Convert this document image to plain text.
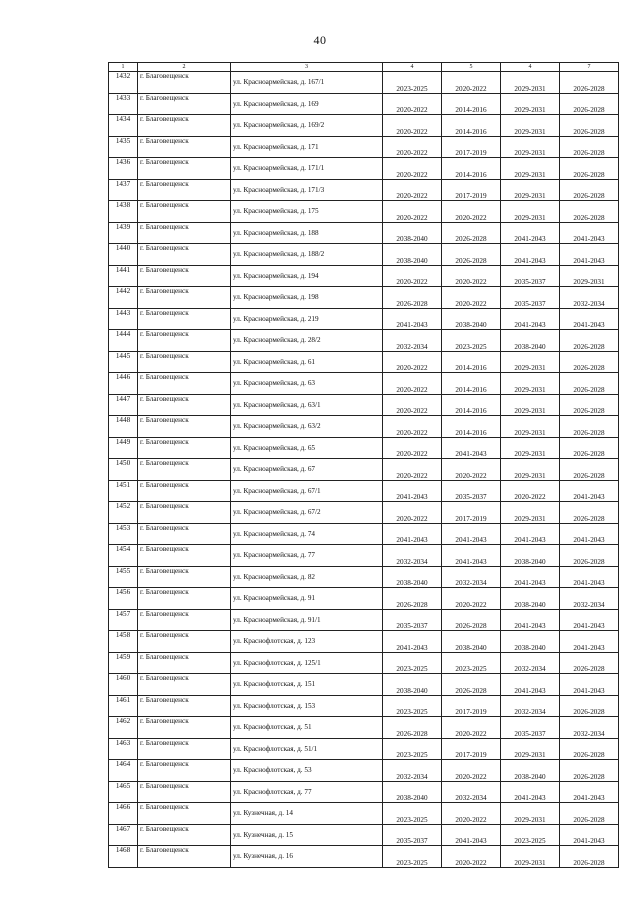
40
1	2	3	4	5	4	7
1432	г. Благовещенск	ул. Красноармейская, д. 167/1	2023-2025	2020-2022	2029-2031	2026-2028
1433	г. Благовещенск	ул. Красноармейская, д. 169	2020-2022	2014-2016	2029-2031	2026-2028
1434	г. Благовещенск	ул. Красноармейская, д. 169/2	2020-2022	2014-2016	2029-2031	2026-2028
1435	г. Благовещенск	ул. Красноармейская, д. 171	2020-2022	2017-2019	2029-2031	2026-2028
1436	г. Благовещенск	ул. Красноармейская, д. 171/1	2020-2022	2014-2016	2029-2031	2026-2028
1437	г. Благовещенск	ул. Красноармейская, д. 171/3	2020-2022	2017-2019	2029-2031	2026-2028
1438	г. Благовещенск	ул. Красноармейская, д. 175	2020-2022	2020-2022	2029-2031	2026-2028
1439	г. Благовещенск	ул. Красноармейская, д. 188	2038-2040	2026-2028	2041-2043	2041-2043
1440	г. Благовещенск	ул. Красноармейская, д. 188/2	2038-2040	2026-2028	2041-2043	2041-2043
1441	г. Благовещенск	ул. Красноармейская, д. 194	2020-2022	2020-2022	2035-2037	2029-2031
1442	г. Благовещенск	ул. Красноармейская, д. 198	2026-2028	2020-2022	2035-2037	2032-2034
1443	г. Благовещенск	ул. Красноармейская, д. 219	2041-2043	2038-2040	2041-2043	2041-2043
1444	г. Благовещенск	ул. Красноармейская, д. 28/2	2032-2034	2023-2025	2038-2040	2026-2028
1445	г. Благовещенск	ул. Красноармейская, д. 61	2020-2022	2014-2016	2029-2031	2026-2028
1446	г. Благовещенск	ул. Красноармейская, д. 63	2020-2022	2014-2016	2029-2031	2026-2028
1447	г. Благовещенск	ул. Красноармейская, д. 63/1	2020-2022	2014-2016	2029-2031	2026-2028
1448	г. Благовещенск	ул. Красноармейская, д. 63/2	2020-2022	2014-2016	2029-2031	2026-2028
1449	г. Благовещенск	ул. Красноармейская, д. 65	2020-2022	2041-2043	2029-2031	2026-2028
1450	г. Благовещенск	ул. Красноармейская, д. 67	2020-2022	2020-2022	2029-2031	2026-2028
1451	г. Благовещенск	ул. Красноармейская, д. 67/1	2041-2043	2035-2037	2020-2022	2041-2043
1452	г. Благовещенск	ул. Красноармейская, д. 67/2	2020-2022	2017-2019	2029-2031	2026-2028
1453	г. Благовещенск	ул. Красноармейская, д. 74	2041-2043	2041-2043	2041-2043	2041-2043
1454	г. Благовещенск	ул. Красноармейская, д. 77	2032-2034	2041-2043	2038-2040	2026-2028
1455	г. Благовещенск	ул. Красноармейская, д. 82	2038-2040	2032-2034	2041-2043	2041-2043
1456	г. Благовещенск	ул. Красноармейская, д. 91	2026-2028	2020-2022	2038-2040	2032-2034
1457	г. Благовещенск	ул. Красноармейская, д. 91/1	2035-2037	2026-2028	2041-2043	2041-2043
1458	г. Благовещенск	ул. Краснофлотская, д. 123	2041-2043	2038-2040	2038-2040	2041-2043
1459	г. Благовещенск	ул. Краснофлотская, д. 125/1	2023-2025	2023-2025	2032-2034	2026-2028
1460	г. Благовещенск	ул. Краснофлотская, д. 151	2038-2040	2026-2028	2041-2043	2041-2043
1461	г. Благовещенск	ул. Краснофлотская, д. 153	2023-2025	2017-2019	2032-2034	2026-2028
1462	г. Благовещенск	ул. Краснофлотская, д. 51	2026-2028	2020-2022	2035-2037	2032-2034
1463	г. Благовещенск	ул. Краснофлотская, д. 51/1	2023-2025	2017-2019	2029-2031	2026-2028
1464	г. Благовещенск	ул. Краснофлотская, д. 53	2032-2034	2020-2022	2038-2040	2026-2028
1465	г. Благовещенск	ул. Краснофлотская, д. 77	2038-2040	2032-2034	2041-2043	2041-2043
1466	г. Благовещенск	ул. Кузнечная, д. 14	2023-2025	2020-2022	2029-2031	2026-2028
1467	г. Благовещенск	ул. Кузнечная, д. 15	2035-2037	2041-2043	2023-2025	2041-2043
1468	г. Благовещенск	ул. Кузнечная, д. 16	2023-2025	2020-2022	2029-2031	2026-2028
